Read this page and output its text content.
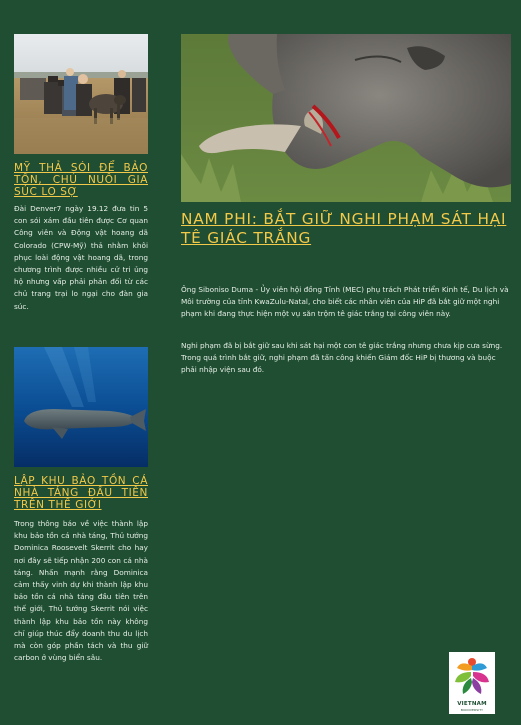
MỸ THẢ SÓI ĐỂ BẢO TỒN, CHỦ NUÔI GIA SÚC LO SỢ

Đài Denver7 ngày 19.12 đưa tin 5 con sói xám đầu tiên được Cơ quan Công viên và Động vật hoang dã Colorado (CPW-Mỹ) thả nhằm khôi phục loài động vật hoang dã, trong chương trình được nhiều cử tri ủng hộ nhưng vấp phải phản đối từ các chủ trang trại lo ngại cho đàn gia súc.

LẬP KHU BẢO TỒN CÁ NHÀ TÁNG ĐẦU TIÊN TRÊN THẾ GIỚI

Trong thông báo về việc thành lập khu bảo tồn cá nhà táng, Thủ tướng Dominica Roosevelt Skerrit cho hay nơi đây sẽ tiếp nhận 200 con cá nhà táng. Nhấn mạnh rằng Dominica cảm thấy vinh dự khi thành lập khu bảo tồn cá nhà táng đầu tiên trên thế giới, Thủ tướng Skerrit nói việc thành lập khu bảo tồn này không chỉ giúp thúc đẩy doanh thu du lịch mà còn góp phần tách và thu giữ carbon ở vùng biển sâu.

NAM PHI: BẮT GIỮ NGHI PHẠM SÁT HẠI TÊ GIÁC TRẮNG

Ông Siboniso Duma - Ủy viên hội đồng Tỉnh (MEC) phụ trách Phát triển Kinh tế, Du lịch và Môi trường của tỉnh KwaZulu-Natal, cho biết các nhân viên của HiP đã bắt giữ một nghi phạm khi đang thực hiện một vụ săn trộm tê giác trắng tại công viên này.

Nghi phạm đã bị bắt giữ sau khi sát hại một con tê giác trắng nhưng chưa kịp cưa sừng. Trong quá trình bắt giữ, nghi phạm đã tấn công khiến Giám đốc HiP bị thương và buộc phải nhập viện sau đó.

VIETNAM
BIODIVERSITY
